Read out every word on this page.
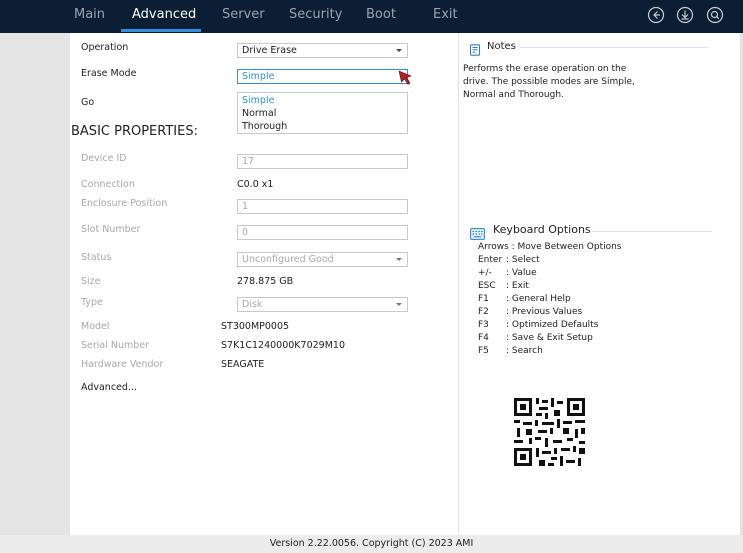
Main Advanced Server Security Boot	Exit
Operation	Drive Erase
Erase Mode	Simple
Go	Simple
Normal
Thorough
BASIC PROPERTIES:
Device ID	17
Connection	C0.0 x1
Enclosure Position	1
Slot Number	0
Status	Unconfigured Good
Size	278.875 GB
Type	Disk
Model	ST300MP0005
Serial Number	S7K1C1240000K7029M10
Hardware Vendor	SEAGATE
Advanced...
Notes
Performs the erase operation on the drive. The possible modes are Simple, Normal and Thorough.
Keyboard Options
Arrows : Move Between Options
Enter : Select
+/- : Value
ESC : Exit
F1 : General Help
F2 : Previous Values
F3 : Optimized Defaults
F4 : Save & Exit Setup
F5 : Search
Version 2.22.0056. Copyright (C) 2023 AMI
